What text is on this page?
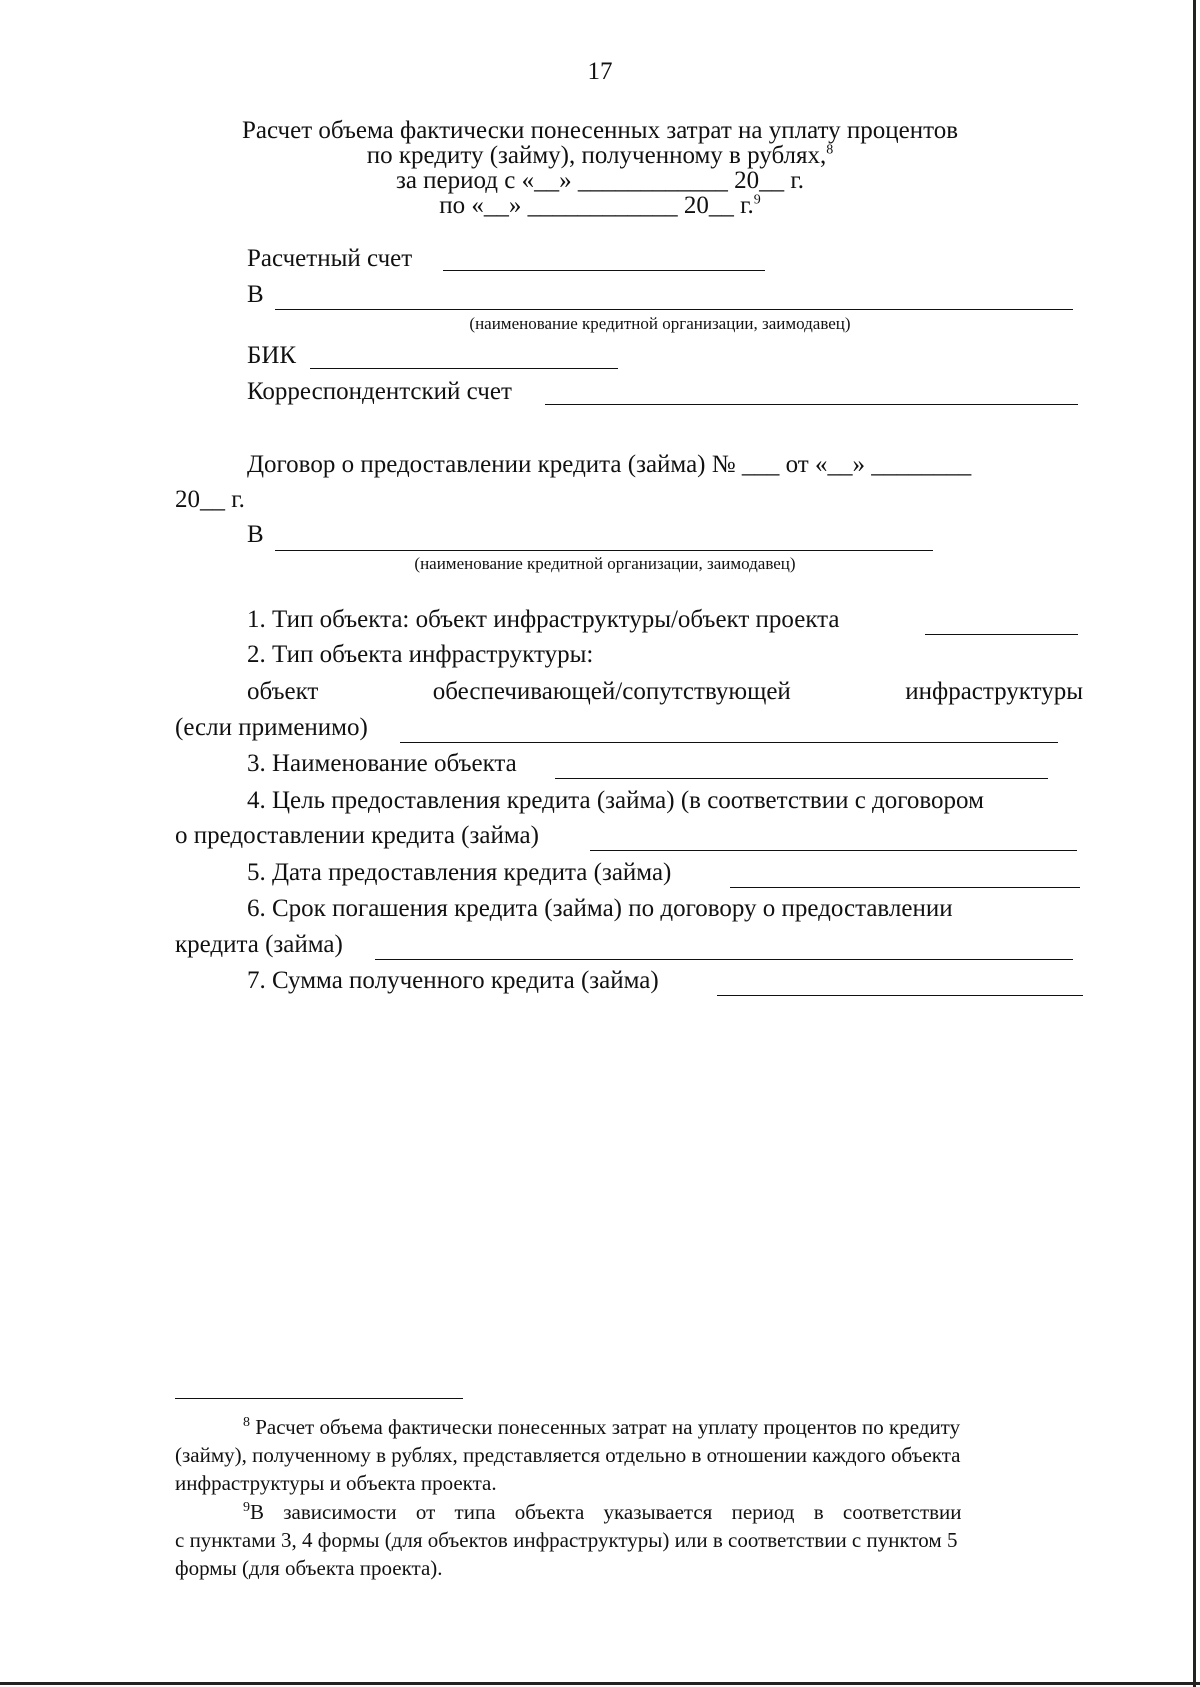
17
Расчет объема фактически понесенных затрат на уплату процентов
по кредиту (займу), полученному в рублях,$^8$
за период с «__» ____________ 20__ г.
по «__» ____________ 20__ г.$^9$
Расчетный счет
В
(наименование кредитной организации, заимодавец)
БИК
Корреспондентский счет
Договор о предоставлении кредита (займа) № ___ от «__» ________
20__ г.
В
(наименование кредитной организации, заимодавец)
1. Тип объекта: объект инфраструктуры/объект проекта
2. Тип объекта инфраструктуры:
объект	обеспечивающей/сопутствующей	инфраструктуры
(если применимо)
3. Наименование объекта
4. Цель предоставления кредита (займа) (в соответствии с договором
о предоставлении кредита (займа)
5. Дата предоставления кредита (займа)
6. Срок погашения кредита (займа) по договору о предоставлении
кредита (займа)
7. Сумма полученного кредита (займа)
$^8$ Расчет объема фактически понесенных затрат на уплату процентов по кредиту
(займу), полученному в рублях, представляется отдельно в отношении каждого объекта
инфраструктуры и объекта проекта.
$^9$В зависимости от типа объекта указывается период в соответствии
с пунктами 3, 4 формы (для объектов инфраструктуры) или в соответствии с пунктом 5
формы (для объекта проекта).
